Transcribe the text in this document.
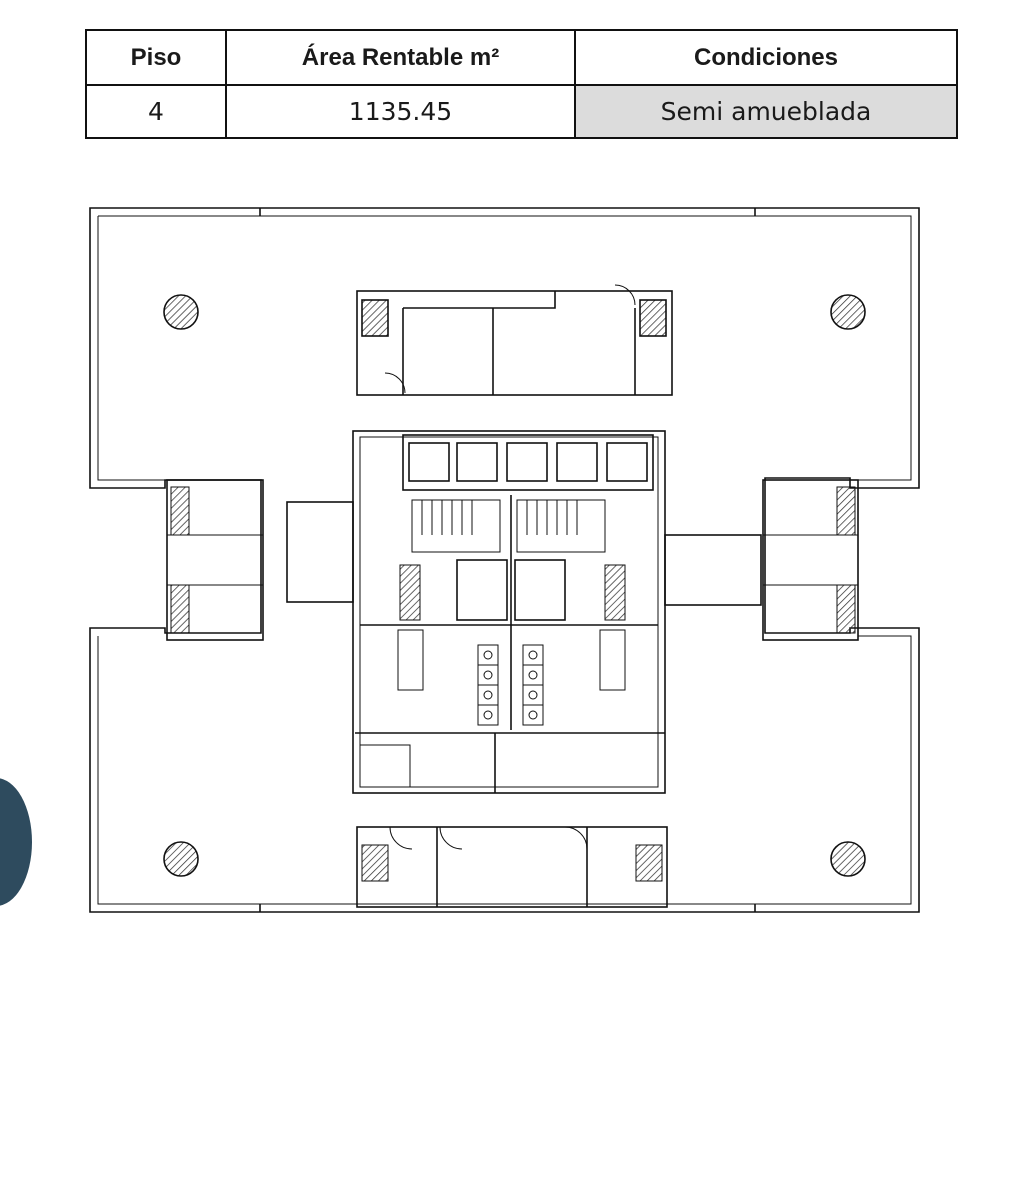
Piso	Área Rentable m²	Condiciones
4	1135.45	Semi amueblada
